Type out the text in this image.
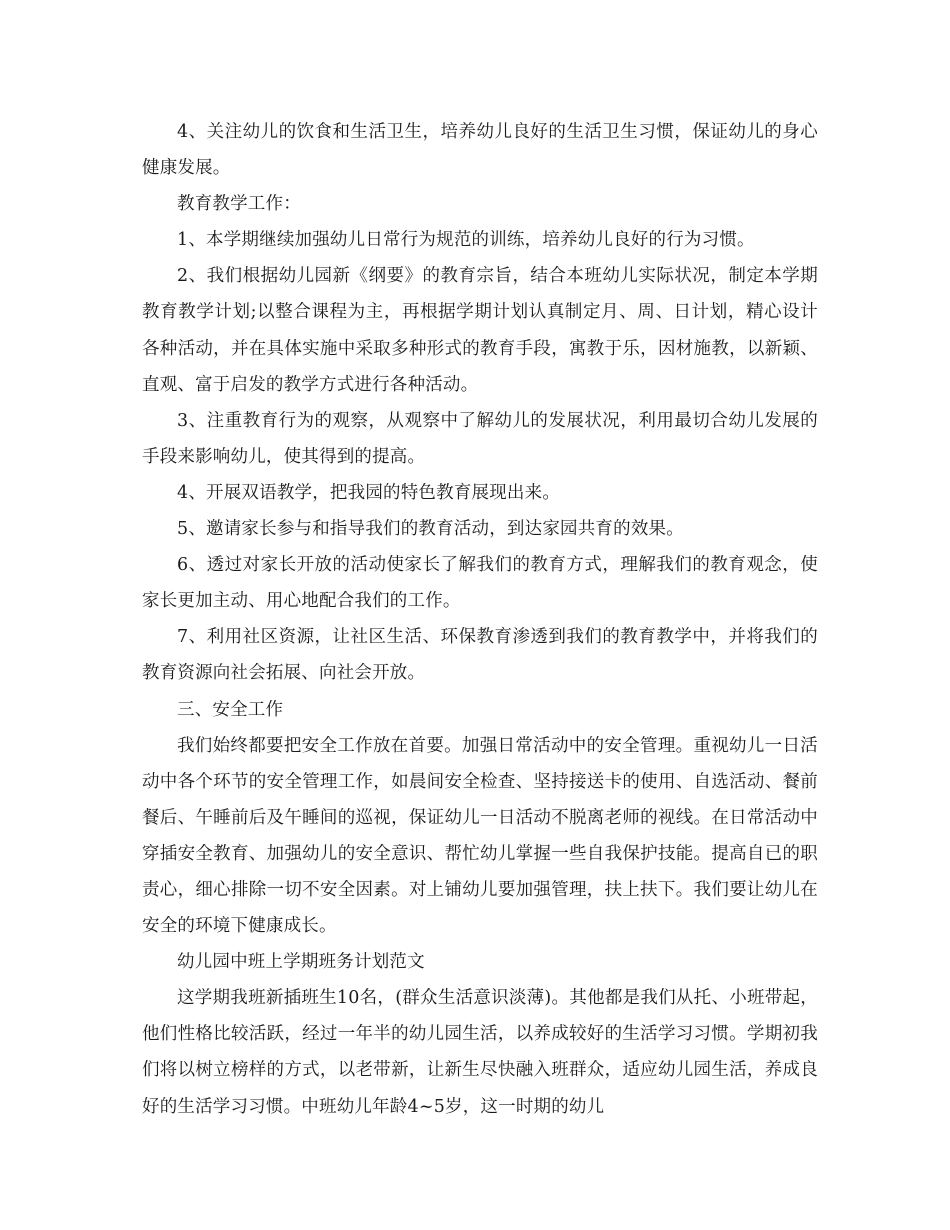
4、关注幼儿的饮食和生活卫生，培养幼儿良好的生活卫生习惯，保证幼儿的身心健康发展。

教育教学工作：

1、本学期继续加强幼儿日常行为规范的训练，培养幼儿良好的行为习惯。

2、我们根据幼儿园新《纲要》的教育宗旨，结合本班幼儿实际状况，制定本学期教育教学计划;以整合课程为主，再根据学期计划认真制定月、周、日计划，精心设计各种活动，并在具体实施中采取多种形式的教育手段，寓教于乐，因材施教，以新颖、直观、富于启发的教学方式进行各种活动。

3、注重教育行为的观察，从观察中了解幼儿的发展状况，利用最切合幼儿发展的手段来影响幼儿，使其得到的提高。

4、开展双语教学，把我园的特色教育展现出来。

5、邀请家长参与和指导我们的教育活动，到达家园共育的效果。

6、透过对家长开放的活动使家长了解我们的教育方式，理解我们的教育观念，使家长更加主动、用心地配合我们的工作。

7、利用社区资源，让社区生活、环保教育渗透到我们的教育教学中，并将我们的教育资源向社会拓展、向社会开放。

三、安全工作

我们始终都要把安全工作放在首要。加强日常活动中的安全管理。重视幼儿一日活动中各个环节的安全管理工作，如晨间安全检查、坚持接送卡的使用、自选活动、餐前餐后、午睡前后及午睡间的巡视，保证幼儿一日活动不脱离老师的视线。在日常活动中穿插安全教育、加强幼儿的安全意识、帮忙幼儿掌握一些自我保护技能。提高自已的职责心，细心排除一切不安全因素。对上铺幼儿要加强管理，扶上扶下。我们要让幼儿在安全的环境下健康成长。

幼儿园中班上学期班务计划范文

这学期我班新插班生10名，(群众生活意识淡薄)。其他都是我们从托、小班带起，他们性格比较活跃，经过一年半的幼儿园生活，以养成较好的生活学习习惯。学期初我们将以树立榜样的方式，以老带新，让新生尽快融入班群众，适应幼儿园生活，养成良好的生活学习习惯。中班幼儿年龄4~5岁，这一时期的幼儿
